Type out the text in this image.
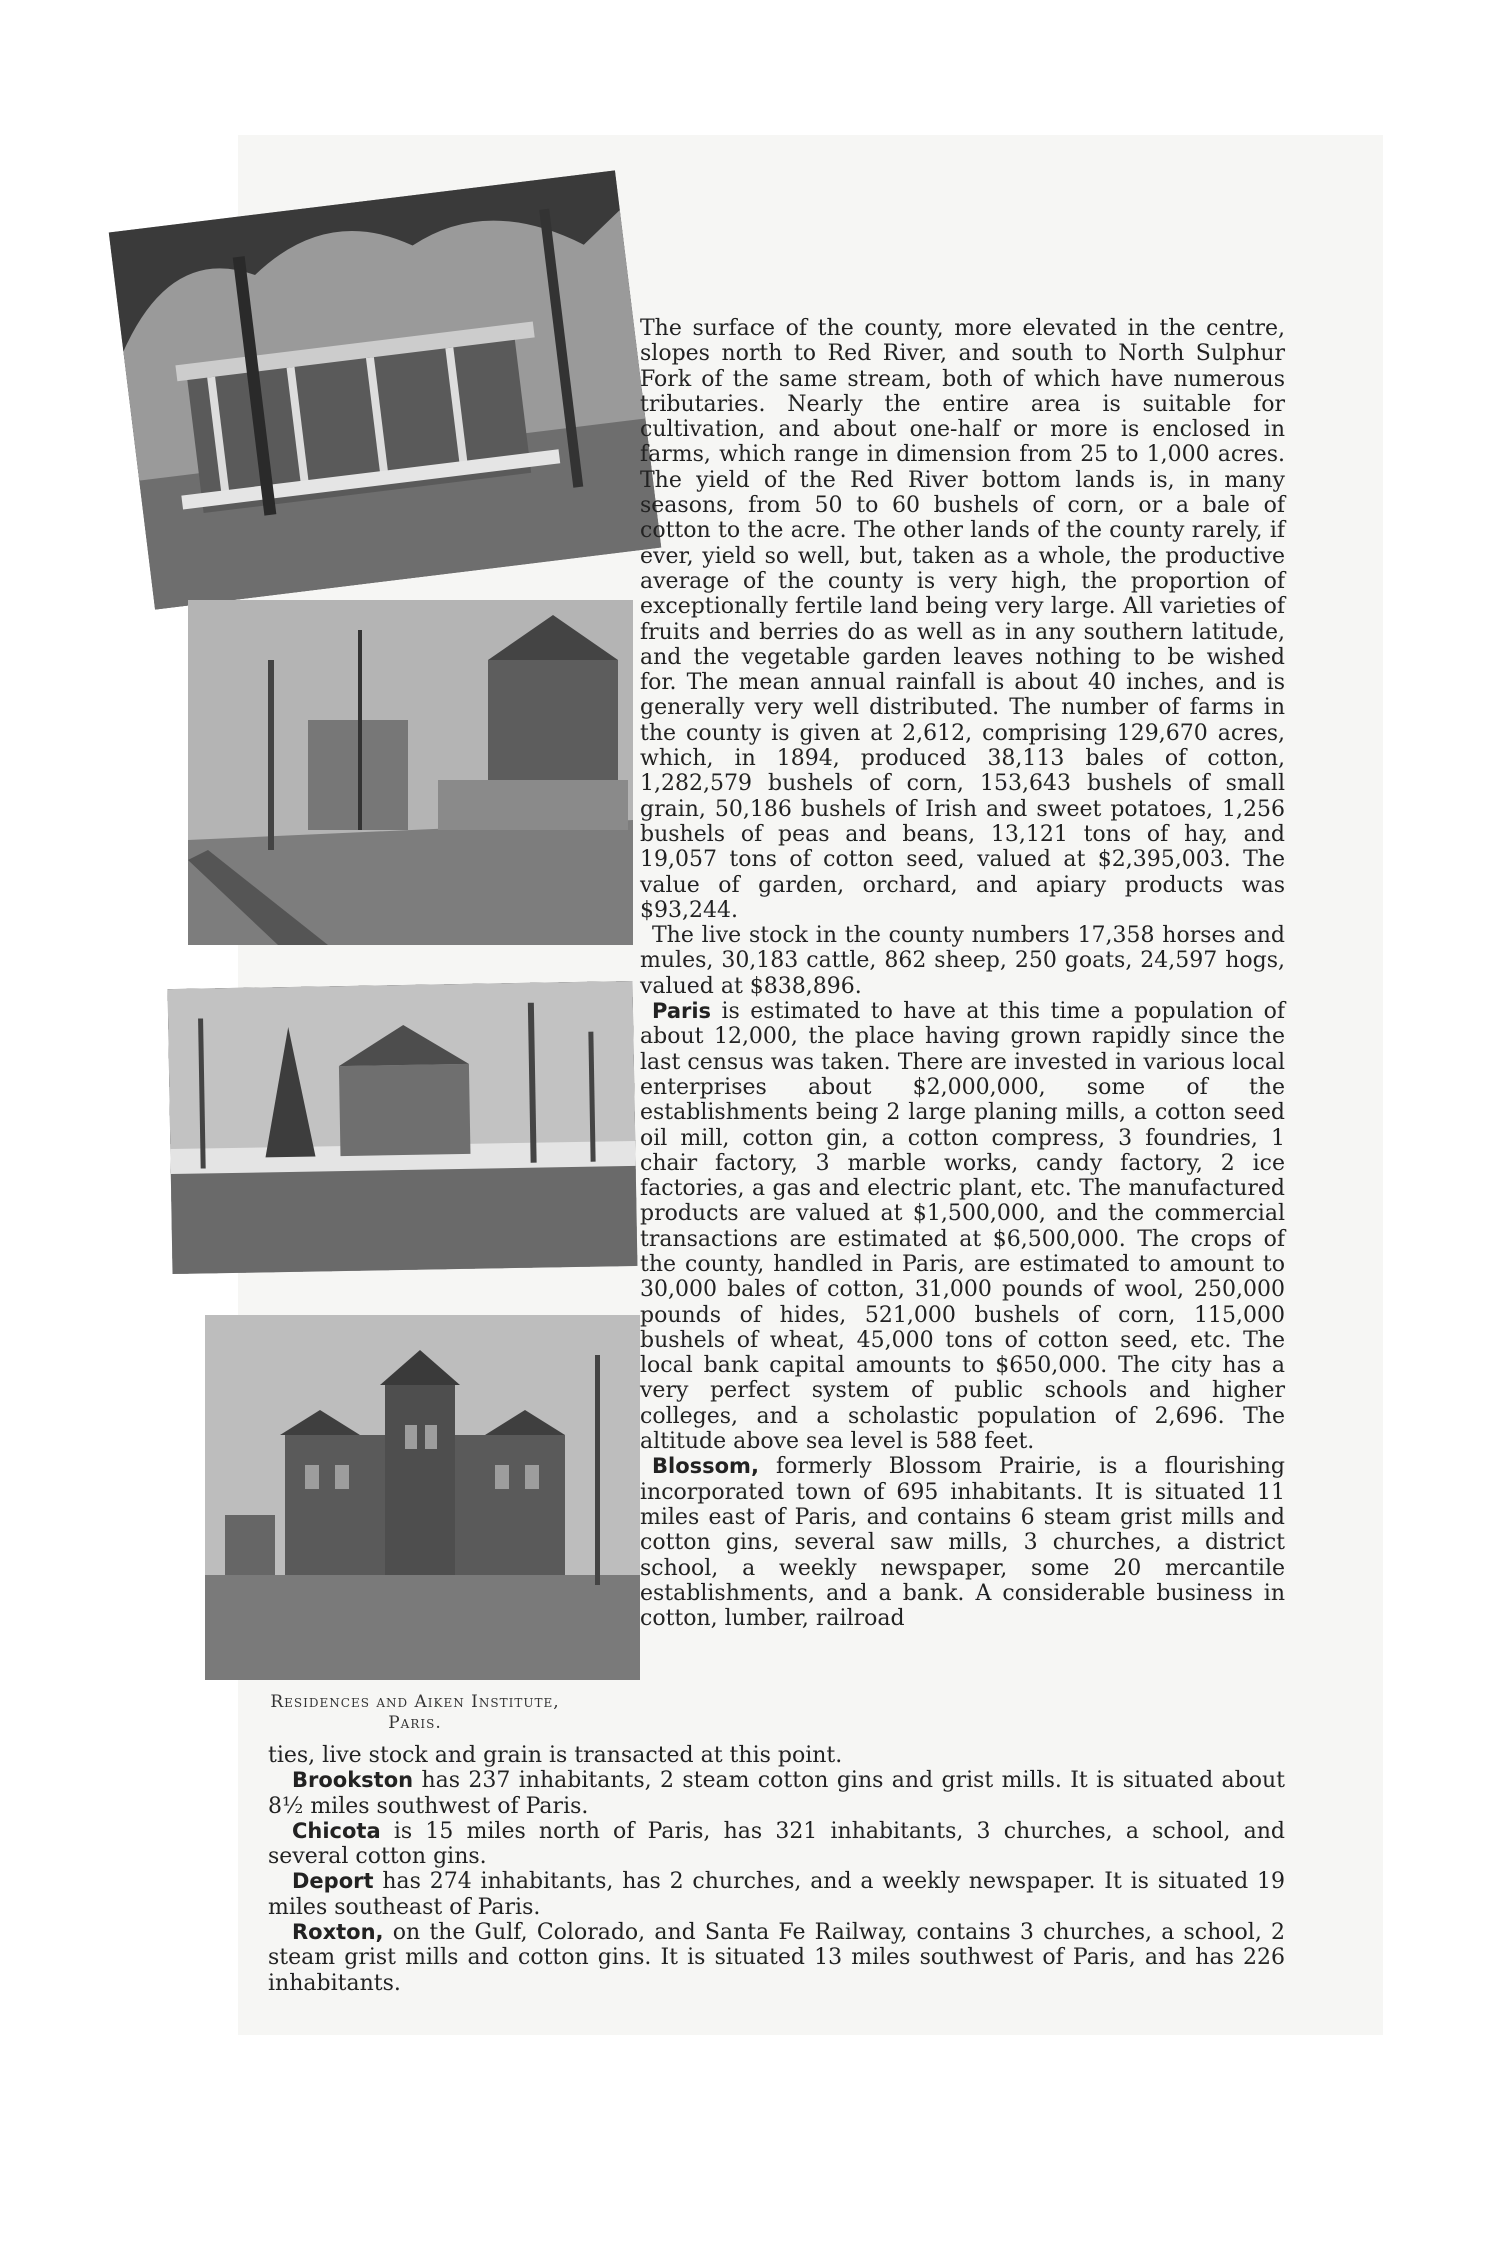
Residences and Aiken Institute,
Paris.

The surface of the county, more elevated in the centre, slopes north to Red River, and south to North Sulphur Fork of the same stream, both of which have numerous tributaries. Nearly the entire area is suitable for cultivation, and about one-half or more is enclosed in farms, which range in dimension from 25 to 1,000 acres. The yield of the Red River bottom lands is, in many seasons, from 50 to 60 bushels of corn, or a bale of cotton to the acre. The other lands of the county rarely, if ever, yield so well, but, taken as a whole, the productive average of the county is very high, the proportion of exceptionally fertile land being very large. All varieties of fruits and berries do as well as in any southern latitude, and the vegetable garden leaves nothing to be wished for. The mean annual rainfall is about 40 inches, and is generally very well distributed. The number of farms in the county is given at 2,612, comprising 129,670 acres, which, in 1894, produced 38,113 bales of cotton, 1,282,579 bushels of corn, 153,643 bushels of small grain, 50,186 bushels of Irish and sweet potatoes, 1,256 bushels of peas and beans, 13,121 tons of hay, and 19,057 tons of cotton seed, valued at $2,395,003. The value of garden, orchard, and apiary products was $93,244.

The live stock in the county numbers 17,358 horses and mules, 30,183 cattle, 862 sheep, 250 goats, 24,597 hogs, valued at $838,896.

Paris is estimated to have at this time a population of about 12,000, the place having grown rapidly since the last census was taken. There are invested in various local enterprises about $2,000,000, some of the establishments being 2 large planing mills, a cotton seed oil mill, cotton gin, a cotton compress, 3 foundries, 1 chair factory, 3 marble works, candy factory, 2 ice factories, a gas and electric plant, etc. The manufactured products are valued at $1,500,000, and the commercial transactions are estimated at $6,500,000. The crops of the county, handled in Paris, are estimated to amount to 30,000 bales of cotton, 31,000 pounds of wool, 250,000 pounds of hides, 521,000 bushels of corn, 115,000 bushels of wheat, 45,000 tons of cotton seed, etc. The local bank capital amounts to $650,000. The city has a very perfect system of public schools and higher colleges, and a scholastic population of 2,696. The altitude above sea level is 588 feet.

Blossom, formerly Blossom Prairie, is a flourishing incorporated town of 695 inhabitants. It is situated 11 miles east of Paris, and contains 6 steam grist mills and cotton gins, several saw mills, 3 churches, a district school, a weekly newspaper, some 20 mercantile establishments, and a bank. A considerable business in cotton, lumber, railroad

ties, live stock and grain is transacted at this point.

Brookston has 237 inhabitants, 2 steam cotton gins and grist mills. It is situated about 8½ miles southwest of Paris.

Chicota is 15 miles north of Paris, has 321 inhabitants, 3 churches, a school, and several cotton gins.

Deport has 274 inhabitants, has 2 churches, and a weekly newspaper. It is situated 19 miles southeast of Paris.

Roxton, on the Gulf, Colorado, and Santa Fe Railway, contains 3 churches, a school, 2 steam grist mills and cotton gins. It is situated 13 miles southwest of Paris, and has 226 inhabitants.
